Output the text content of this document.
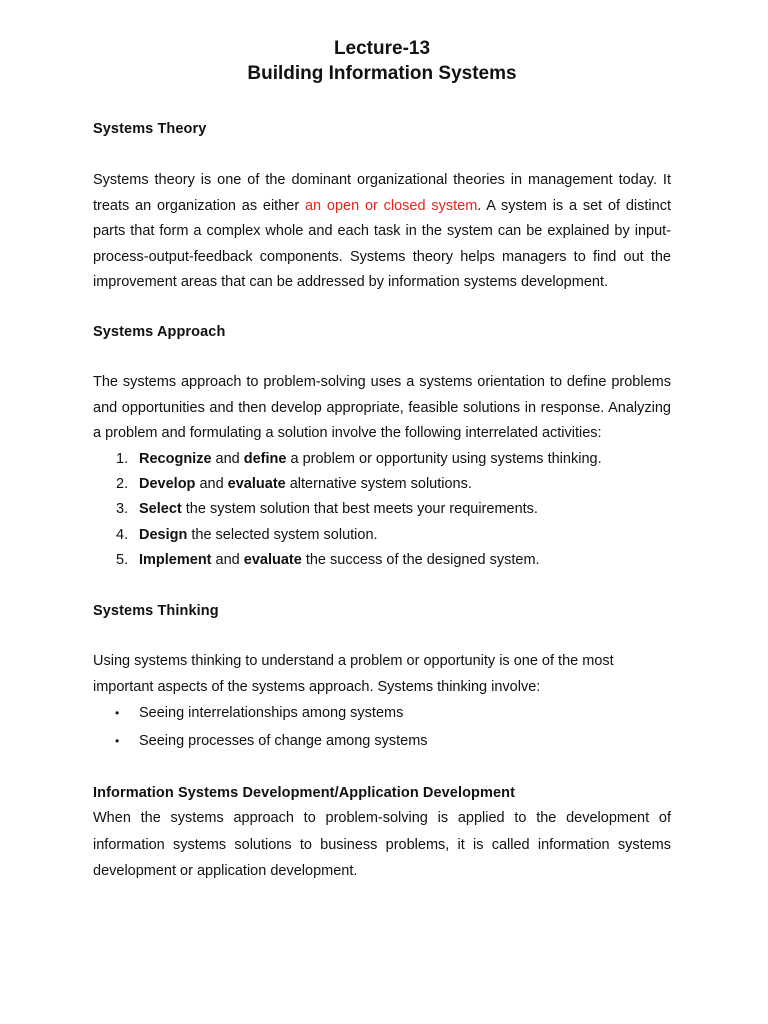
Lecture-13
Building Information Systems
Systems Theory

Systems theory is one of the dominant organizational theories in management today. It treats an organization as either an open or closed system. A system is a set of distinct parts that form a complex whole and each task in the system can be explained by input-process-output-feedback components. Systems theory helps managers to find out the improvement areas that can be addressed by information systems development.

Systems Approach

The systems approach to problem-solving uses a systems orientation to define problems and opportunities and then develop appropriate, feasible solutions in response. Analyzing a problem and formulating a solution involve the following interrelated activities:

1. Recognize and define a problem or opportunity using systems thinking.
2. Develop and evaluate alternative system solutions.
3. Select the system solution that best meets your requirements.
4. Design the selected system solution.
5. Implement and evaluate the success of the designed system.
Systems Thinking

Using systems thinking to understand a problem or opportunity is one of the most
important aspects of the systems approach. Systems thinking involve:

• Seeing interrelationships among systems
• Seeing processes of change among systems
Information Systems Development/Application Development

When the systems approach to problem-solving is applied to the development of information systems solutions to business problems, it is called information systems development or application development.
